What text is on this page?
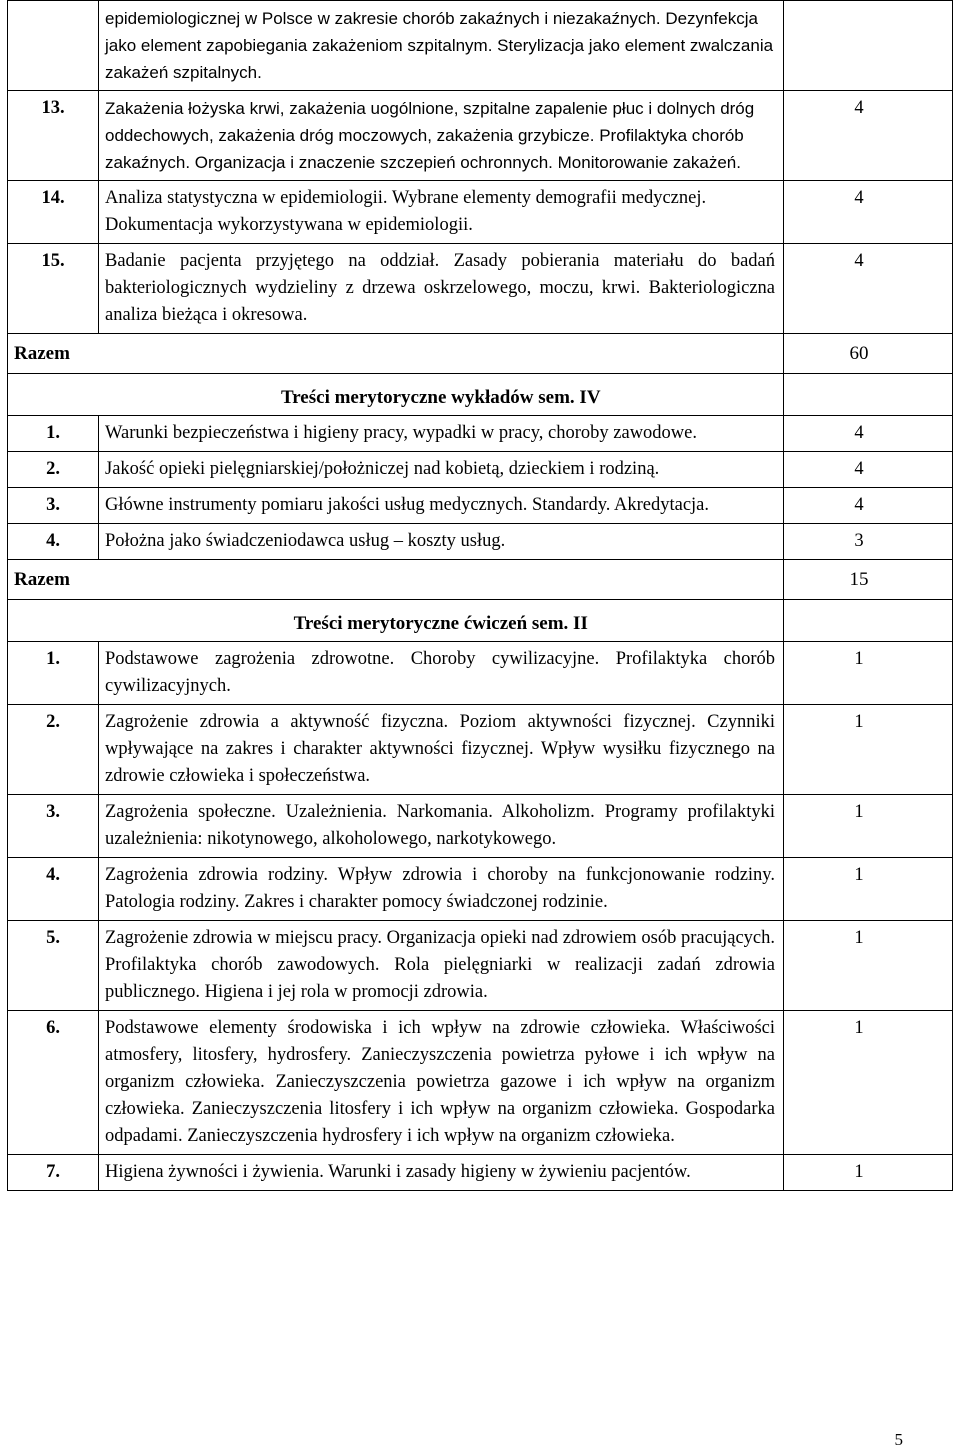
	epidemiologicznej w Polsce w zakresie chorób zakaźnych i niezakaźnych. Dezynfekcja jako element zapobiegania zakażeniom szpitalnym. Sterylizacja jako element zwalczania zakażeń szpitalnych.	
13.	Zakażenia łożyska krwi, zakażenia uogólnione, szpitalne zapalenie płuc i dolnych dróg oddechowych, zakażenia dróg moczowych, zakażenia grzybicze. Profilaktyka chorób zakaźnych. Organizacja i znaczenie szczepień ochronnych. Monitorowanie zakażeń.	4
14.	Analiza statystyczna w epidemiologii. Wybrane elementy demografii medycznej. Dokumentacja wykorzystywana w epidemiologii.	4
15.	Badanie pacjenta przyjętego na oddział. Zasady pobierania materiału do badań bakteriologicznych wydzieliny z drzewa oskrzelowego, moczu, krwi. Bakteriologiczna analiza bieżąca i okresowa.	4
Razem		60
	Treści merytoryczne wykładów sem. IV	
1.	Warunki bezpieczeństwa i higieny pracy, wypadki w pracy, choroby zawodowe.	4
2.	Jakość opieki pielęgniarskiej/położniczej nad kobietą, dzieckiem i rodziną.	4
3.	Główne instrumenty pomiaru jakości usług medycznych. Standardy. Akredytacja.	4
4.	Położna jako świadczeniodawca usług – koszty usług.	3
Razem		15
	Treści merytoryczne ćwiczeń sem. II	
1.	Podstawowe zagrożenia zdrowotne. Choroby cywilizacyjne. Profilaktyka chorób cywilizacyjnych.	1
2.	Zagrożenie zdrowia a aktywność fizyczna. Poziom aktywności fizycznej. Czynniki wpływające na zakres i charakter aktywności fizycznej. Wpływ wysiłku fizycznego na zdrowie człowieka i społeczeństwa.	1
3.	Zagrożenia społeczne. Uzależnienia. Narkomania. Alkoholizm. Programy profilaktyki uzależnienia: nikotynowego, alkoholowego, narkotykowego.	1
4.	Zagrożenia zdrowia rodziny. Wpływ zdrowia i choroby na funkcjonowanie rodziny. Patologia rodziny. Zakres i charakter pomocy świadczonej rodzinie.	1
5.	Zagrożenie zdrowia w miejscu pracy. Organizacja opieki nad zdrowiem osób pracujących. Profilaktyka chorób zawodowych. Rola pielęgniarki w realizacji zadań zdrowia publicznego. Higiena i jej rola w promocji zdrowia.	1
6.	Podstawowe elementy środowiska i ich wpływ na zdrowie człowieka. Właściwości atmosfery, litosfery, hydrosfery. Zanieczyszczenia powietrza pyłowe i ich wpływ na organizm człowieka. Zanieczyszczenia powietrza gazowe i ich wpływ na organizm człowieka. Zanieczyszczenia litosfery i ich wpływ na organizm człowieka. Gospodarka odpadami. Zanieczyszczenia hydrosfery i ich wpływ na organizm człowieka.	1
7.	Higiena żywności i żywienia. Warunki i zasady higieny w żywieniu pacjentów.	1
5
